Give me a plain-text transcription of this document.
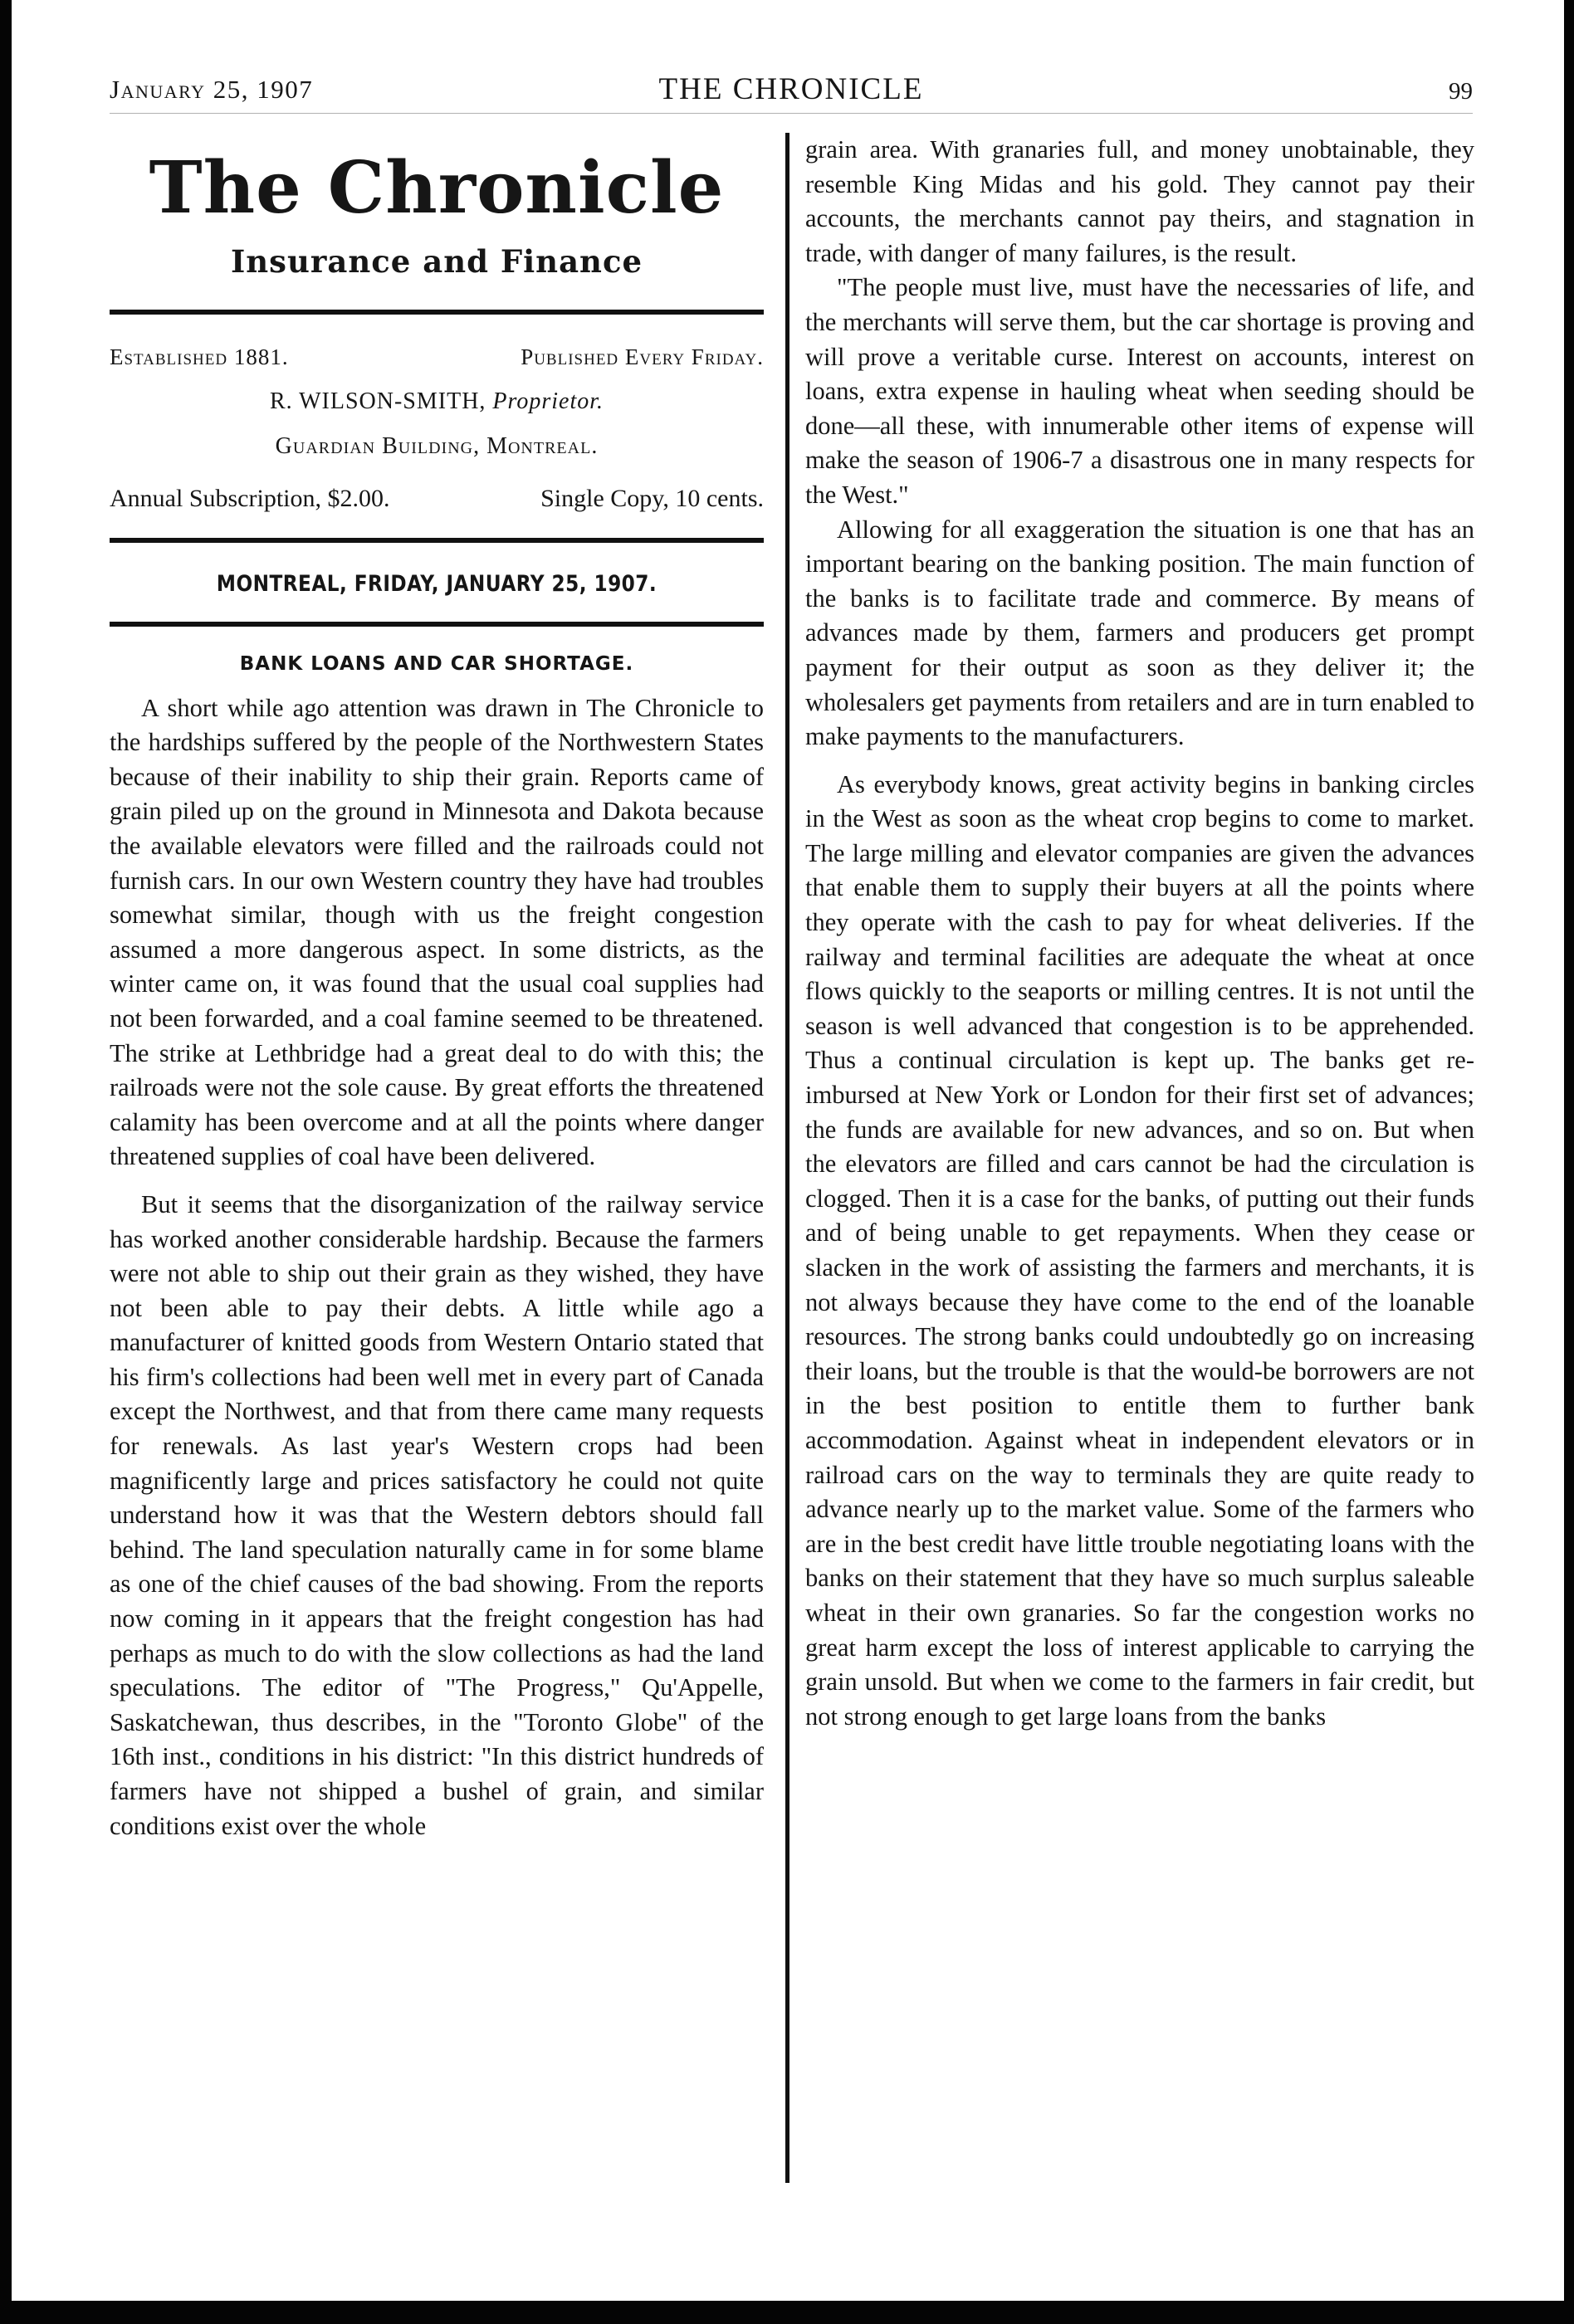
January 25, 1907	THE CHRONICLE	99
The Chronicle
Insurance and Finance
Established 1881.	Published Every Friday.
R. WILSON-SMITH, Proprietor.
Guardian Building, Montreal.
Annual Subscription, $2.00.	Single Copy, 10 cents.
MONTREAL, FRIDAY, JANUARY 25, 1907.
BANK LOANS AND CAR SHORTAGE.

A short while ago attention was drawn in The Chronicle to the hardships suffered by the people of the Northwestern States because of their inability to ship their grain. Reports came of grain piled up on the ground in Minnesota and Dakota because the available elevators were filled and the railroads could not furnish cars. In our own Western country they have had troubles somewhat similar, though with us the freight congestion assumed a more dangerous aspect. In some districts, as the winter came on, it was found that the usual coal supplies had not been forwarded, and a coal famine seemed to be threatened. The strike at Lethbridge had a great deal to do with this; the railroads were not the sole cause. By great efforts the threatened calamity has been overcome and at all the points where danger threatened supplies of coal have been delivered.

But it seems that the disorganization of the railway service has worked another considerable hardship. Because the farmers were not able to ship out their grain as they wished, they have not been able to pay their debts. A little while ago a manufacturer of knitted goods from Western Ontario stated that his firm's collections had been well met in every part of Canada except the Northwest, and that from there came many requests for renewals. As last year's Western crops had been magnificently large and prices satisfactory he could not quite understand how it was that the Western debtors should fall behind. The land speculation naturally came in for some blame as one of the chief causes of the bad showing. From the reports now coming in it appears that the freight congestion has had perhaps as much to do with the slow collections as had the land speculations. The editor of "The Progress," Qu'Appelle, Saskatchewan, thus describes, in the "Toronto Globe" of the 16th inst., conditions in his district: "In this district hundreds of farmers have not shipped a bushel of grain, and similar conditions exist over the whole

grain area. With granaries full, and money unobtainable, they resemble King Midas and his gold. They cannot pay their accounts, the merchants cannot pay theirs, and stagnation in trade, with danger of many failures, is the result.

"The people must live, must have the necessaries of life, and the merchants will serve them, but the car shortage is proving and will prove a veritable curse. Interest on accounts, interest on loans, extra expense in hauling wheat when seeding should be done—all these, with innumerable other items of expense will make the season of 1906-7 a disastrous one in many respects for the West."

Allowing for all exaggeration the situation is one that has an important bearing on the banking position. The main function of the banks is to facilitate trade and commerce. By means of advances made by them, farmers and producers get prompt payment for their output as soon as they deliver it; the wholesalers get payments from retailers and are in turn enabled to make payments to the manufacturers.

As everybody knows, great activity begins in banking circles in the West as soon as the wheat crop begins to come to market. The large milling and elevator companies are given the advances that enable them to supply their buyers at all the points where they operate with the cash to pay for wheat deliveries. If the railway and terminal facilities are adequate the wheat at once flows quickly to the seaports or milling centres. It is not until the season is well advanced that congestion is to be apprehended. Thus a continual circulation is kept up. The banks get re-imbursed at New York or London for their first set of advances; the funds are available for new advances, and so on. But when the elevators are filled and cars cannot be had the circulation is clogged. Then it is a case for the banks, of putting out their funds and of being unable to get repayments. When they cease or slacken in the work of assisting the farmers and merchants, it is not always because they have come to the end of the loanable resources. The strong banks could undoubtedly go on increasing their loans, but the trouble is that the would-be borrowers are not in the best position to entitle them to further bank accommodation. Against wheat in independent elevators or in railroad cars on the way to terminals they are quite ready to advance nearly up to the market value. Some of the farmers who are in the best credit have little trouble negotiating loans with the banks on their statement that they have so much surplus saleable wheat in their own granaries. So far the congestion works no great harm except the loss of interest applicable to carrying the grain unsold. But when we come to the farmers in fair credit, but not strong enough to get large loans from the banks
